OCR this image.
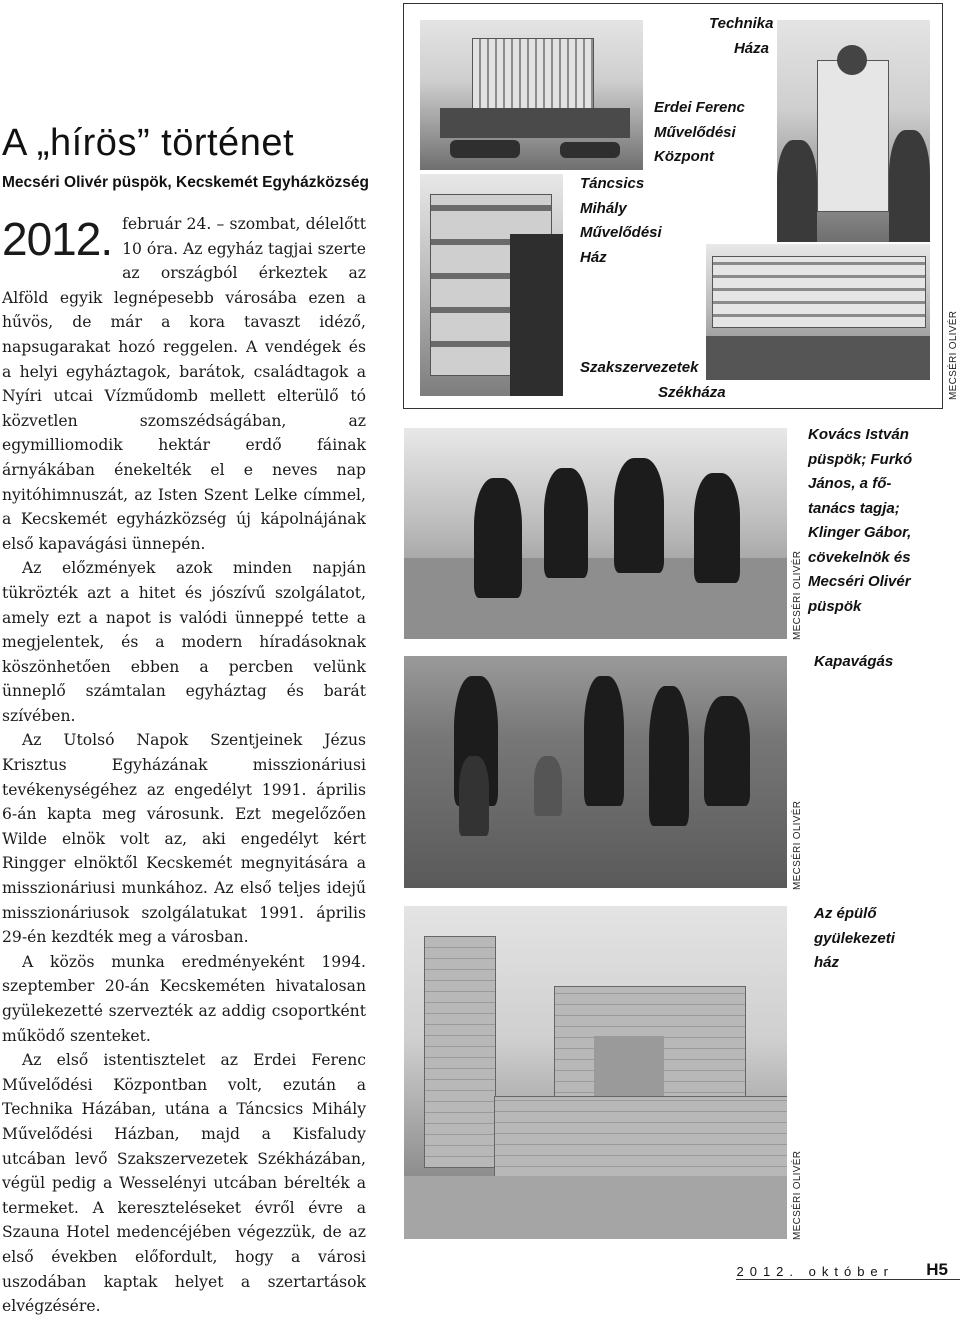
A „hírös” történet
Mecséri Olivér püspök, Kecskemét Egyházközség

2012. február 24. – szombat, délelőtt 10 óra. Az egyház tagjai szerte az országból érkeztek az Alföld egyik legnépesebb városába ezen a hűvös, de már a kora tavaszt idéző, napsugarakat hozó reggelen. A vendégek és a helyi egyháztagok, barátok, családtagok a Nyíri utcai Vízműdomb mellett elterülő tó közvetlen szomszédságában, az egymilliomodik hektár erdő fáinak árnyákában énekelték el e neves nap nyitóhimnuszát, az Isten Szent Lelke címmel, a Kecskemét egyházközség új kápolnájának első kapavágási ünnepén.

Az előzmények azok minden napján tükrözték azt a hitet és jószívű szolgálatot, amely ezt a napot is valódi ünneppé tette a megjelentek, és a modern híradásoknak köszönhetően ebben a percben velünk ünneplő számtalan egyháztag és barát szívében.

Az Utolsó Napok Szentjeinek Jézus Krisztus Egyházának misszionáriusi tevékenységéhez az engedélyt 1991. április 6-án kapta meg városunk. Ezt megelőzően Wilde elnök volt az, aki engedélyt kért Ringger elnöktől Kecskemét megnyitására a misszionáriusi munkához. Az első teljes idejű misszionáriusok szolgálatukat 1991. április 29-én kezdték meg a városban.

A közös munka eredményeként 1994. szeptember 20-án Kecskeméten hivatalosan gyülekezetté szervezték az addig csoportként működő szenteket.

Az első istentisztelet az Erdei Ferenc Művelődési Központban volt, ezután a Technika Házában, utána a Táncsics Mihály Művelődési Házban, majd a Kisfaludy utcában levő Szakszervezetek Székházában, végül pedig a Wesselényi utcában bérelték a termeket. A kereszteléseket évről évre a Szauna Hotel medencéjében végezzük, de az első években előfordult, hogy a városi uszodában kaptak helyet a szertartások elvégzésére.

Technika
Háza
Erdei Ferenc
Művelődési
Központ
Táncsics
Mihály
Művelődési
Ház
Szakszervezetek
Székháza	MECSÉRI OLIVÉR
MECSÉRI OLIVÉR
Kovács István
püspök; Furkó
János, a fő-
tanács tagja;
Klinger Gábor,
cövekelnök és
Mecséri Olivér
püspök
Kapavágás
MECSÉRI OLIVÉR
MECSÉRI OLIVÉR
Az épülő
gyülekezeti
ház
2012. október H5
